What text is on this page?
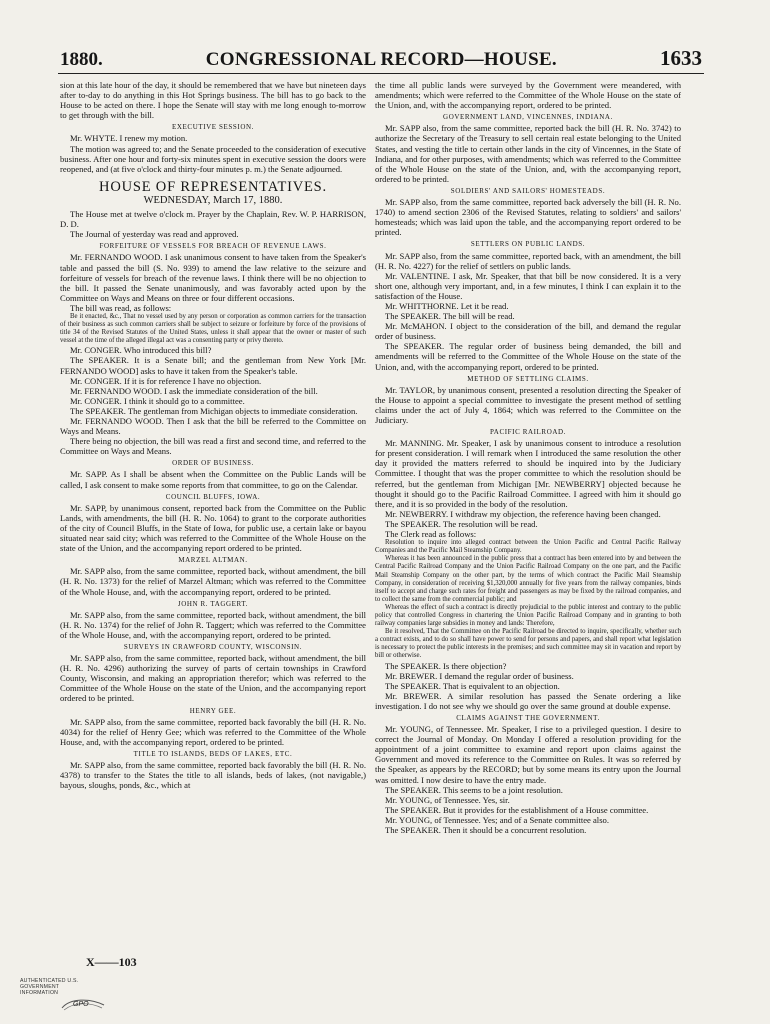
1880.	CONGRESSIONAL RECORD—HOUSE.	1633

sion at this late hour of the day, it should be remembered that we have but nineteen days after to-day to do anything in this Hot Springs business. The bill has to go back to the House to be acted on there. I hope the Senate will stay with me long enough to-morrow to get through with the bill.

EXECUTIVE SESSION.

Mr. WHYTE. I renew my motion.

The motion was agreed to; and the Senate proceeded to the consideration of executive business. After one hour and forty-six minutes spent in executive session the doors were reopened, and (at five o'clock and thirty-four minutes p. m.) the Senate adjourned.

HOUSE OF REPRESENTATIVES.
WEDNESDAY, March 17, 1880.

The House met at twelve o'clock m. Prayer by the Chaplain, Rev. W. P. HARRISON, D. D.

The Journal of yesterday was read and approved.

FORFEITURE OF VESSELS FOR BREACH OF REVENUE LAWS.

Mr. FERNANDO WOOD. I ask unanimous consent to have taken from the Speaker's table and passed the bill (S. No. 939) to amend the law relative to the seizure and forfeiture of vessels for breach of the revenue laws. I think there will be no objection to the bill. It passed the Senate unanimously, and was favorably acted upon by the Committee on Ways and Means on three or four different occasions.

The bill was read, as follows:

Be it enacted, &c., That no vessel used by any person or corporation as common carriers for the transaction of their business as such common carriers shall be subject to seizure or forfeiture by force of the provisions of title 34 of the Revised Statutes of the United States, unless it shall appear that the owner or master of such vessel at the time of the alleged illegal act was a consenting party or privy thereto.

Mr. CONGER. Who introduced this bill?

The SPEAKER. It is a Senate bill; and the gentleman from New York [Mr. FERNANDO WOOD] asks to have it taken from the Speaker's table.

Mr. CONGER. If it is for reference I have no objection.

Mr. FERNANDO WOOD. I ask the immediate consideration of the bill.

Mr. CONGER. I think it should go to a committee.

The SPEAKER. The gentleman from Michigan objects to immediate consideration.

Mr. FERNANDO WOOD. Then I ask that the bill be referred to the Committee on Ways and Means.

There being no objection, the bill was read a first and second time, and referred to the Committee on Ways and Means.

ORDER OF BUSINESS.

Mr. SAPP. As I shall be absent when the Committee on the Public Lands will be called, I ask consent to make some reports from that committee, to go on the Calendar.

COUNCIL BLUFFS, IOWA.

Mr. SAPP, by unanimous consent, reported back from the Committee on the Public Lands, with amendments, the bill (H. R. No. 1064) to grant to the corporate authorities of the city of Council Bluffs, in the State of Iowa, for public use, a certain lake or bayou situated near said city; which was referred to the Committee of the Whole House on the state of the Union, and the accompanying report ordered to be printed.

MARZEL ALTMAN.

Mr. SAPP also, from the same committee, reported back, without amendment, the bill (H. R. No. 1373) for the relief of Marzel Altman; which was referred to the Committee of the Whole House, and, with the accompanying report, ordered to be printed.

JOHN R. TAGGERT.

Mr. SAPP also, from the same committee, reported back, without amendment, the bill (H. R. No. 1374) for the relief of John R. Taggert; which was referred to the Committee of the Whole House, and, with the accompanying report, ordered to be printed.

SURVEYS IN CRAWFORD COUNTY, WISCONSIN.

Mr. SAPP also, from the same committee, reported back, without amendment, the bill (H. R. No. 4296) authorizing the survey of parts of certain townships in Crawford County, Wisconsin, and making an appropriation therefor; which was referred to the Committee of the Whole House on the state of the Union, and the accompanying report ordered to be printed.

HENRY GEE.

Mr. SAPP also, from the same committee, reported back favorably the bill (H. R. No. 4034) for the relief of Henry Gee; which was referred to the Committee of the Whole House, and, with the accompanying report, ordered to be printed.

TITLE TO ISLANDS, BEDS OF LAKES, ETC.

Mr. SAPP also, from the same committee, reported back favorably the bill (H. R. No. 4378) to transfer to the States the title to all islands, beds of lakes, (not navigable,) bayous, sloughs, ponds, &c., which at

the time all public lands were surveyed by the Government were meandered, with amendments; which were referred to the Committee of the Whole House on the state of the Union, and, with the accompanying report, ordered to be printed.

GOVERNMENT LAND, VINCENNES, INDIANA.

Mr. SAPP also, from the same committee, reported back the bill (H. R. No. 3742) to authorize the Secretary of the Treasury to sell certain real estate belonging to the United States, and vesting the title to certain other lands in the city of Vincennes, in the State of Indiana, and for other purposes, with amendments; which was referred to the Committee of the Whole House on the state of the Union, and, with the accompanying report, ordered to be printed.

SOLDIERS' AND SAILORS' HOMESTEADS.

Mr. SAPP also, from the same committee, reported back adversely the bill (H. R. No. 1740) to amend section 2306 of the Revised Statutes, relating to soldiers' and sailors' homesteads; which was laid upon the table, and the accompanying report ordered to be printed.

SETTLERS ON PUBLIC LANDS.

Mr. SAPP also, from the same committee, reported back, with an amendment, the bill (H. R. No. 4227) for the relief of settlers on public lands.

Mr. VALENTINE. I ask, Mr. Speaker, that that bill be now considered. It is a very short one, although very important, and, in a few minutes, I think I can explain it to the satisfaction of the House.

Mr. WHITTHORNE. Let it be read.

The SPEAKER. The bill will be read.

Mr. McMAHON. I object to the consideration of the bill, and demand the regular order of business.

The SPEAKER. The regular order of business being demanded, the bill and amendments will be referred to the Committee of the Whole House on the state of the Union, and, with the accompanying report, ordered to be printed.

METHOD OF SETTLING CLAIMS.

Mr. TAYLOR, by unanimous consent, presented a resolution directing the Speaker of the House to appoint a special committee to investigate the present method of settling claims under the act of July 4, 1864; which was referred to the Committee on the Judiciary.

PACIFIC RAILROAD.

Mr. MANNING. Mr. Speaker, I ask by unanimous consent to introduce a resolution for present consideration. I will remark when I introduced the same resolution the other day it provided the matters referred to should be inquired into by the Judiciary Committee. I thought that was the proper committee to which the resolution should be referred, but the gentleman from Michigan [Mr. NEWBERRY] objected because he thought it should go to the Pacific Railroad Committee. I agreed with him it should go there, and it is so provided in the body of the resolution.

Mr. NEWBERRY. I withdraw my objection, the reference having been changed.

The SPEAKER. The resolution will be read.

The Clerk read as follows:

Resolution to inquire into alleged contract between the Union Pacific and Central Pacific Railway Companies and the Pacific Mail Steamship Company.

Whereas it has been announced in the public press that a contract has been entered into by and between the Central Pacific Railroad Company and the Union Pacific Railroad Company on the one part, and the Pacific Mail Steamship Company on the other part, by the terms of which contract the Pacific Mail Steamship Company, in consideration of receiving $1,320,000 annually for five years from the railway companies, binds itself to accept and charge such rates for freight and passengers as may be fixed by the railroad companies, and to collect the same from the commercial public; and

Whereas the effect of such a contract is directly prejudicial to the public interest and contrary to the public policy that controlled Congress in chartering the Union Pacific Railroad Company and in granting to both railway companies large subsidies in money and lands: Therefore,

Be it resolved, That the Committee on the Pacific Railroad be directed to inquire, specifically, whether such a contract exists, and to do so shall have power to send for persons and papers, and shall report what legislation is necessary to protect the public interests in the premises; and such committee may sit in vacation and report by bill or otherwise.

The SPEAKER. Is there objection?

Mr. BREWER. I demand the regular order of business.

The SPEAKER. That is equivalent to an objection.

Mr. BREWER. A similar resolution has passed the Senate ordering a like investigation. I do not see why we should go over the same ground at double expense.

CLAIMS AGAINST THE GOVERNMENT.

Mr. YOUNG, of Tennessee. Mr. Speaker, I rise to a privileged question. I desire to correct the Journal of Monday. On Monday I offered a resolution providing for the appointment of a joint committee to examine and report upon claims against the Government and moved its reference to the Committee on Rules. It was so referred by the Speaker, as appears by the RECORD; but by some means its entry upon the Journal was omitted. I now desire to have the entry made.

The SPEAKER. This seems to be a joint resolution.

Mr. YOUNG, of Tennessee. Yes, sir.

The SPEAKER. But it provides for the establishment of a House committee.

Mr. YOUNG, of Tennessee. Yes; and of a Senate committee also.

The SPEAKER. Then it should be a concurrent resolution.

X——103
AUTHENTICATED U.S. GOVERNMENT INFORMATION
GPO
